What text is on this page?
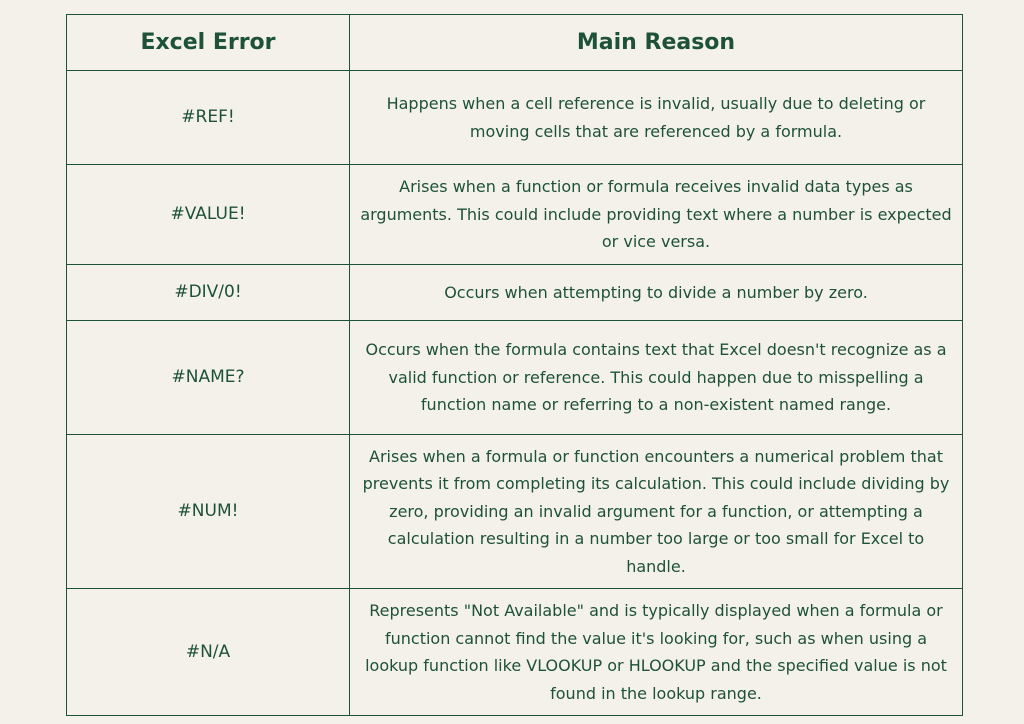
Excel Error	Main Reason
#REF!	Happens when a cell reference is invalid, usually due to deleting or moving cells that are referenced by a formula.
#VALUE!	Arises when a function or formula receives invalid data types as arguments. This could include providing text where a number is expected or vice versa.
#DIV/0!	Occurs when attempting to divide a number by zero.
#NAME?	Occurs when the formula contains text that Excel doesn't recognize as a valid function or reference. This could happen due to misspelling a function name or referring to a non-existent named range.
#NUM!	Arises when a formula or function encounters a numerical problem that prevents it from completing its calculation. This could include dividing by zero, providing an invalid argument for a function, or attempting a calculation resulting in a number too large or too small for Excel to handle.
#N/A	Represents "Not Available" and is typically displayed when a formula or function cannot find the value it's looking for, such as when using a lookup function like VLOOKUP or HLOOKUP and the specified value is not found in the lookup range.
